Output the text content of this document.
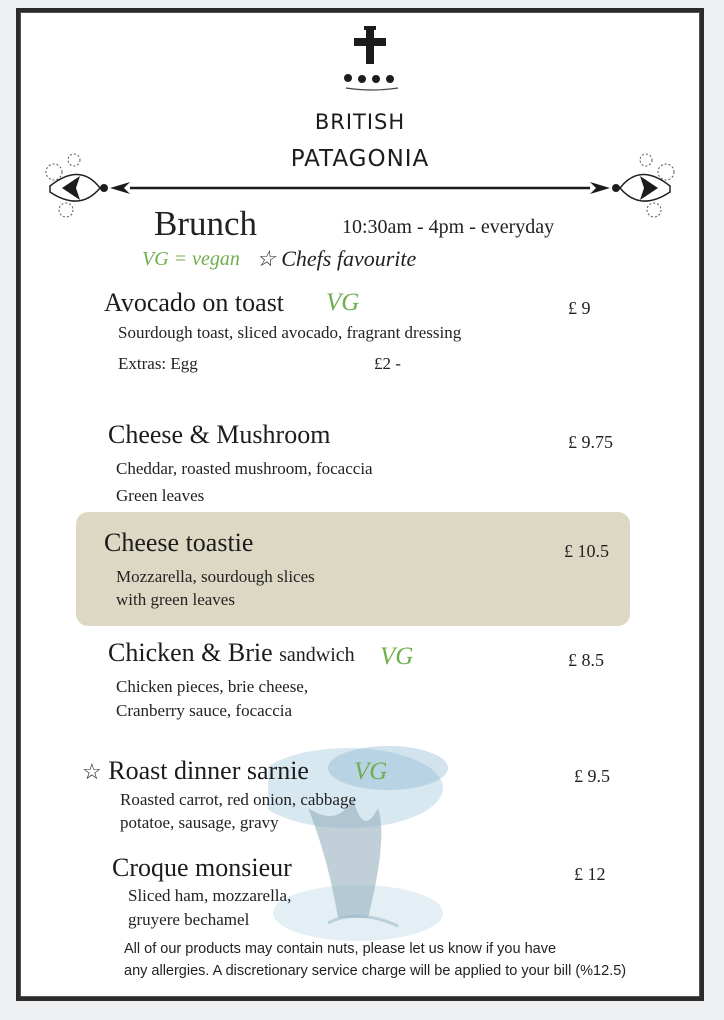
BRITISH
PATAGONIA
Brunch	10:30am - 4pm - everyday
VG = vegan ☆ Chefs favourite
Avocado on toast VG	£ 9
Sourdough toast, sliced avocado, fragrant dressing
Extras: Egg	£2 -
Cheese & Mushroom	£ 9.75
Cheddar, roasted mushroom, focaccia
Green leaves
Cheese toastie	£ 10.5
Mozzarella, sourdough slices
with green leaves
Chicken & Brie sandwich VG	£ 8.5
Chicken pieces, brie cheese,
Cranberry sauce, focaccia
☆ Roast dinner sarnie VG	£ 9.5
Roasted carrot, red onion, cabbage
potatoe, sausage, gravy
Croque monsieur	£ 12
Sliced ham, mozzarella,
gruyere bechamel
All of our products may contain nuts, please let us know if you have
any allergies. A discretionary service charge will be applied to your bill (%12.5)
